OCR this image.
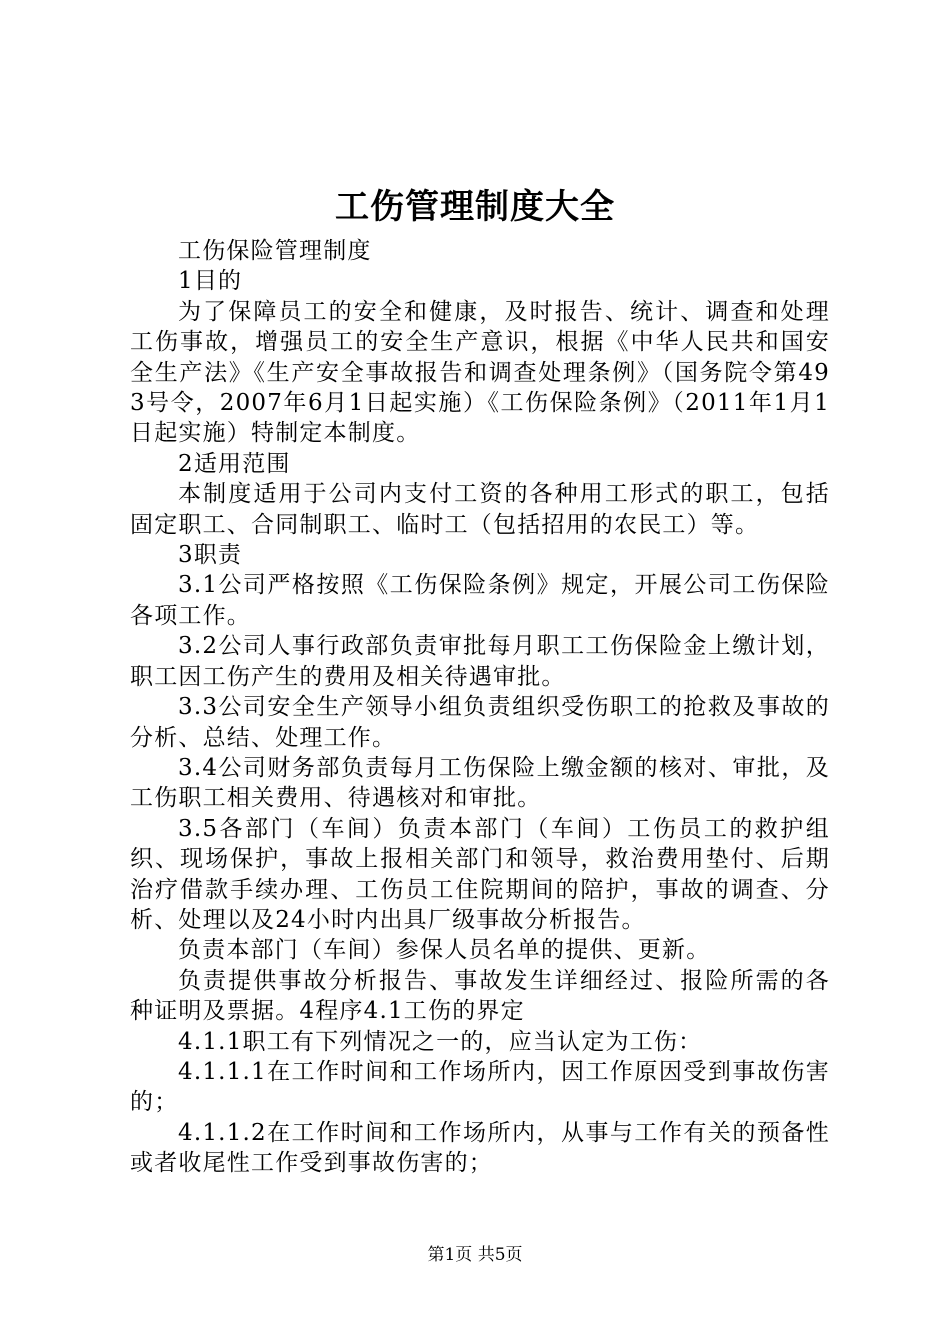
工伤管理制度大全

工伤保险管理制度

1目的

为了保障员工的安全和健康，及时报告、统计、调查和处理工伤事故，增强员工的安全生产意识，根据《中华人民共和国安全生产法》《生产安全事故报告和调查处理条例》（国务院令第493号令，2007年6月1日起实施）《工伤保险条例》（2011年1月1日起实施）特制定本制度。

2适用范围

本制度适用于公司内支付工资的各种用工形式的职工，包括固定职工、合同制职工、临时工（包括招用的农民工）等。

3职责

3.1公司严格按照《工伤保险条例》规定，开展公司工伤保险各项工作。

3.2公司人事行政部负责审批每月职工工伤保险金上缴计划，职工因工伤产生的费用及相关待遇审批。

3.3公司安全生产领导小组负责组织受伤职工的抢救及事故的分析、总结、处理工作。

3.4公司财务部负责每月工伤保险上缴金额的核对、审批，及工伤职工相关费用、待遇核对和审批。

3.5各部门（车间）负责本部门（车间）工伤员工的救护组织、现场保护，事故上报相关部门和领导，救治费用垫付、后期治疗借款手续办理、工伤员工住院期间的陪护，事故的调查、分析、处理以及24小时内出具厂级事故分析报告。

负责本部门（车间）参保人员名单的提供、更新。

负责提供事故分析报告、事故发生详细经过、报险所需的各种证明及票据。4程序4.1工伤的界定

4.1.1职工有下列情况之一的，应当认定为工伤：

4.1.1.1在工作时间和工作场所内，因工作原因受到事故伤害的；

4.1.1.2在工作时间和工作场所内，从事与工作有关的预备性或者收尾性工作受到事故伤害的；

第1页 共5页
